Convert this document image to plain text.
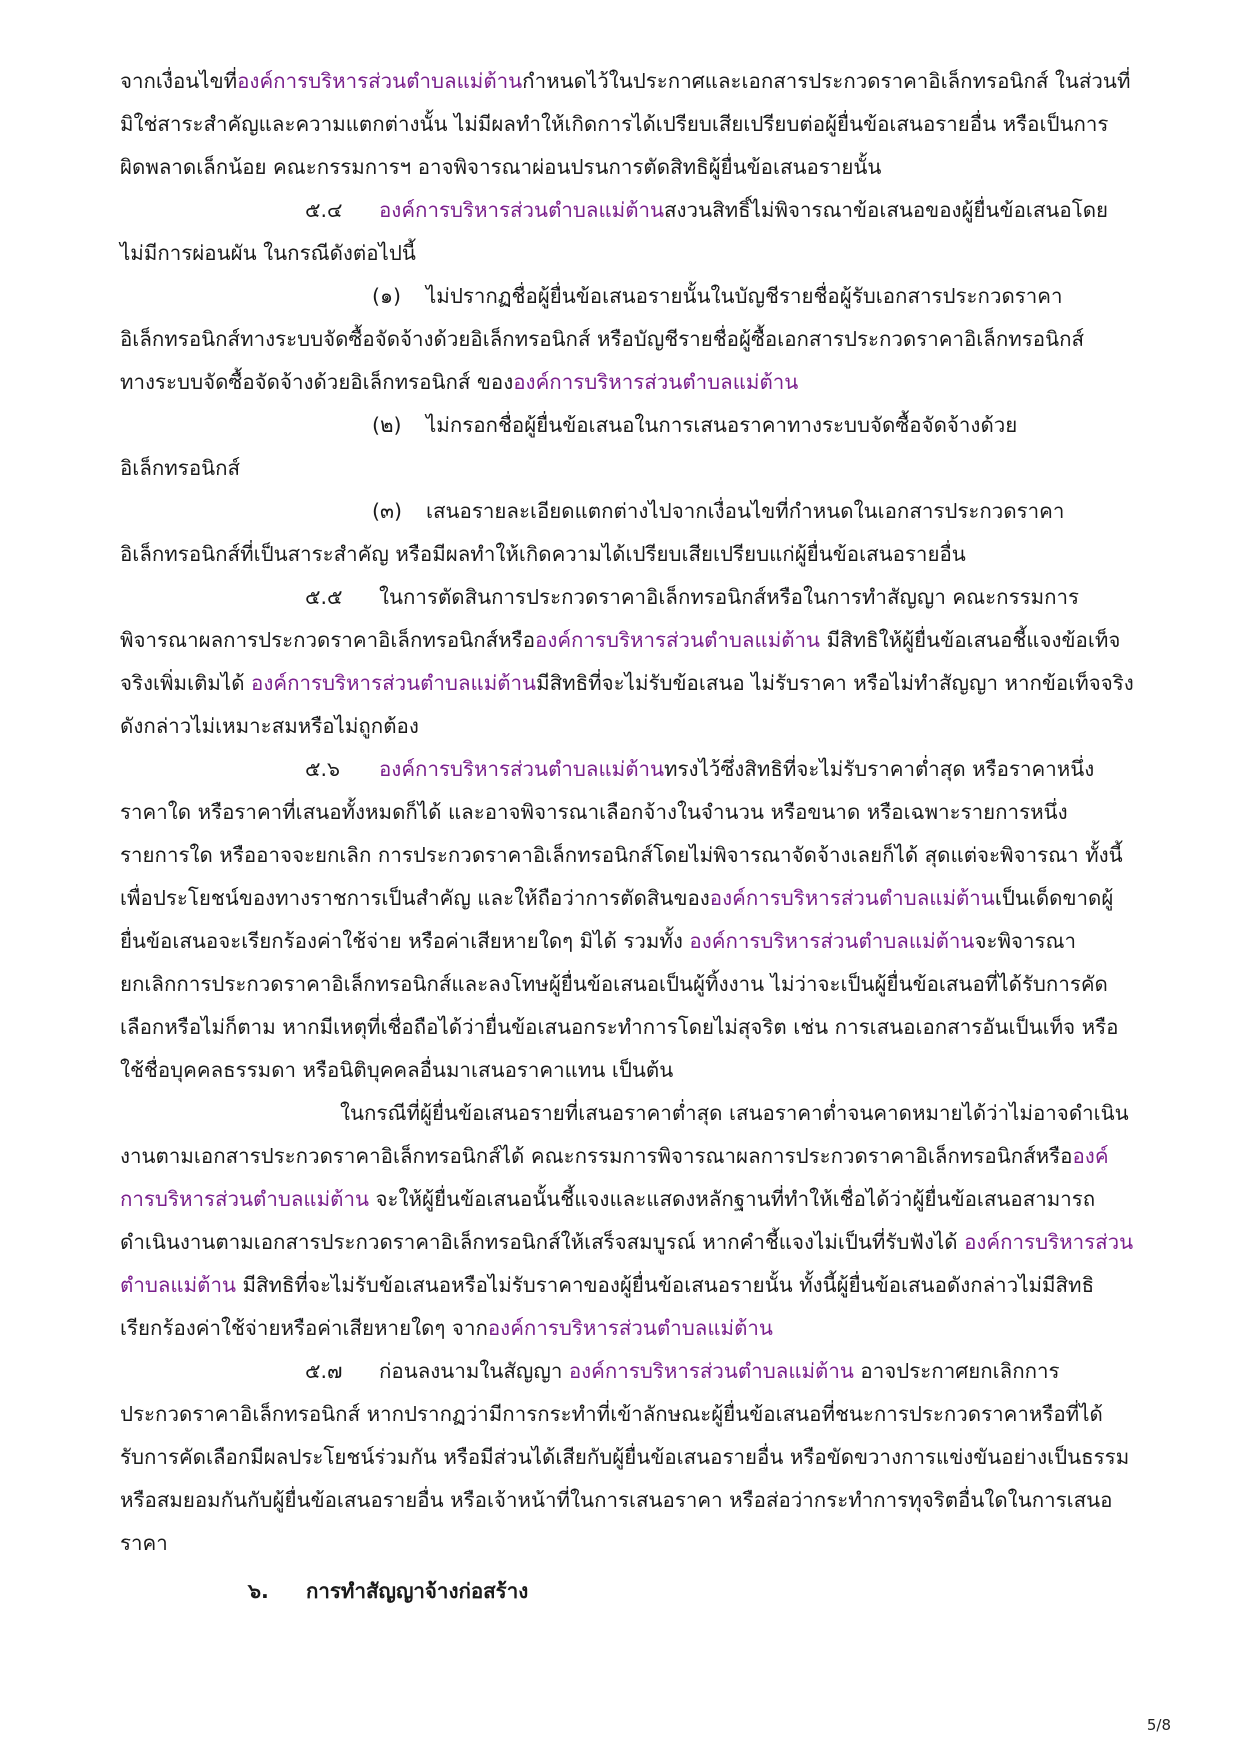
จากเงื่อนไขที่องค์การบริหารส่วนตำบลแม่ต้านกำหนดไว้ในประกาศและเอกสารประกวดราคาอิเล็กทรอนิกส์ ในส่วนที่
มิใช่สาระสำคัญและความแตกต่างนั้น ไม่มีผลทำให้เกิดการได้เปรียบเสียเปรียบต่อผู้ยื่นข้อเสนอรายอื่น หรือเป็นการ
ผิดพลาดเล็กน้อย คณะกรรมการฯ อาจพิจารณาผ่อนปรนการตัดสิทธิผู้ยื่นข้อเสนอรายนั้น
๕.๔ องค์การบริหารส่วนตำบลแม่ต้านสงวนสิทธิ์ไม่พิจารณาข้อเสนอของผู้ยื่นข้อเสนอโดย
ไม่มีการผ่อนผัน ในกรณีดังต่อไปนี้
(๑) ไม่ปรากฏชื่อผู้ยื่นข้อเสนอรายนั้นในบัญชีรายชื่อผู้รับเอกสารประกวดราคา
อิเล็กทรอนิกส์ทางระบบจัดซื้อจัดจ้างด้วยอิเล็กทรอนิกส์ หรือบัญชีรายชื่อผู้ซื้อเอกสารประกวดราคาอิเล็กทรอนิกส์
ทางระบบจัดซื้อจัดจ้างด้วยอิเล็กทรอนิกส์ ขององค์การบริหารส่วนตำบลแม่ต้าน
(๒) ไม่กรอกชื่อผู้ยื่นข้อเสนอในการเสนอราคาทางระบบจัดซื้อจัดจ้างด้วย
อิเล็กทรอนิกส์
(๓) เสนอรายละเอียดแตกต่างไปจากเงื่อนไขที่กำหนดในเอกสารประกวดราคา
อิเล็กทรอนิกส์ที่เป็นสาระสำคัญ หรือมีผลทำให้เกิดความได้เปรียบเสียเปรียบแก่ผู้ยื่นข้อเสนอรายอื่น
๕.๕ ในการตัดสินการประกวดราคาอิเล็กทรอนิกส์หรือในการทำสัญญา คณะกรรมการ
พิจารณาผลการประกวดราคาอิเล็กทรอนิกส์หรือองค์การบริหารส่วนตำบลแม่ต้าน มีสิทธิให้ผู้ยื่นข้อเสนอชี้แจงข้อเท็จ
จริงเพิ่มเติมได้ องค์การบริหารส่วนตำบลแม่ต้านมีสิทธิที่จะไม่รับข้อเสนอ ไม่รับราคา หรือไม่ทำสัญญา หากข้อเท็จจริง
ดังกล่าวไม่เหมาะสมหรือไม่ถูกต้อง
๕.๖ องค์การบริหารส่วนตำบลแม่ต้านทรงไว้ซึ่งสิทธิที่จะไม่รับราคาต่ำสุด หรือราคาหนึ่ง
ราคาใด หรือราคาที่เสนอทั้งหมดก็ได้ และอาจพิจารณาเลือกจ้างในจำนวน หรือขนาด หรือเฉพาะรายการหนึ่ง
รายการใด หรืออาจจะยกเลิก การประกวดราคาอิเล็กทรอนิกส์โดยไม่พิจารณาจัดจ้างเลยก็ได้ สุดแต่จะพิจารณา ทั้งนี้
เพื่อประโยชน์ของทางราชการเป็นสำคัญ และให้ถือว่าการตัดสินขององค์การบริหารส่วนตำบลแม่ต้านเป็นเด็ดขาดผู้
ยื่นข้อเสนอจะเรียกร้องค่าใช้จ่าย หรือค่าเสียหายใดๆ มิได้ รวมทั้ง องค์การบริหารส่วนตำบลแม่ต้านจะพิจารณา
ยกเลิกการประกวดราคาอิเล็กทรอนิกส์และลงโทษผู้ยื่นข้อเสนอเป็นผู้ทิ้งงาน ไม่ว่าจะเป็นผู้ยื่นข้อเสนอที่ได้รับการคัด
เลือกหรือไม่ก็ตาม หากมีเหตุที่เชื่อถือได้ว่ายื่นข้อเสนอกระทำการโดยไม่สุจริต เช่น การเสนอเอกสารอันเป็นเท็จ หรือ
ใช้ชื่อบุคคลธรรมดา หรือนิติบุคคลอื่นมาเสนอราคาแทน เป็นต้น
ในกรณีที่ผู้ยื่นข้อเสนอรายที่เสนอราคาต่ำสุด เสนอราคาต่ำจนคาดหมายได้ว่าไม่อาจดำเนิน
งานตามเอกสารประกวดราคาอิเล็กทรอนิกส์ได้ คณะกรรมการพิจารณาผลการประกวดราคาอิเล็กทรอนิกส์หรือองค์
การบริหารส่วนตำบลแม่ต้าน จะให้ผู้ยื่นข้อเสนอนั้นชี้แจงและแสดงหลักฐานที่ทำให้เชื่อได้ว่าผู้ยื่นข้อเสนอสามารถ
ดำเนินงานตามเอกสารประกวดราคาอิเล็กทรอนิกส์ให้เสร็จสมบูรณ์ หากคำชี้แจงไม่เป็นที่รับฟังได้ องค์การบริหารส่วน
ตำบลแม่ต้าน มีสิทธิที่จะไม่รับข้อเสนอหรือไม่รับราคาของผู้ยื่นข้อเสนอรายนั้น ทั้งนี้ผู้ยื่นข้อเสนอดังกล่าวไม่มีสิทธิ
เรียกร้องค่าใช้จ่ายหรือค่าเสียหายใดๆ จากองค์การบริหารส่วนตำบลแม่ต้าน
๕.๗ ก่อนลงนามในสัญญา องค์การบริหารส่วนตำบลแม่ต้าน อาจประกาศยกเลิกการ
ประกวดราคาอิเล็กทรอนิกส์ หากปรากฏว่ามีการกระทำที่เข้าลักษณะผู้ยื่นข้อเสนอที่ชนะการประกวดราคาหรือที่ได้
รับการคัดเลือกมีผลประโยชน์ร่วมกัน หรือมีส่วนได้เสียกับผู้ยื่นข้อเสนอรายอื่น หรือขัดขวางการแข่งขันอย่างเป็นธรรม
หรือสมยอมกันกับผู้ยื่นข้อเสนอรายอื่น หรือเจ้าหน้าที่ในการเสนอราคา หรือส่อว่ากระทำการทุจริตอื่นใดในการเสนอ
ราคา
๖. การทำสัญญาจ้างก่อสร้าง
5/8
